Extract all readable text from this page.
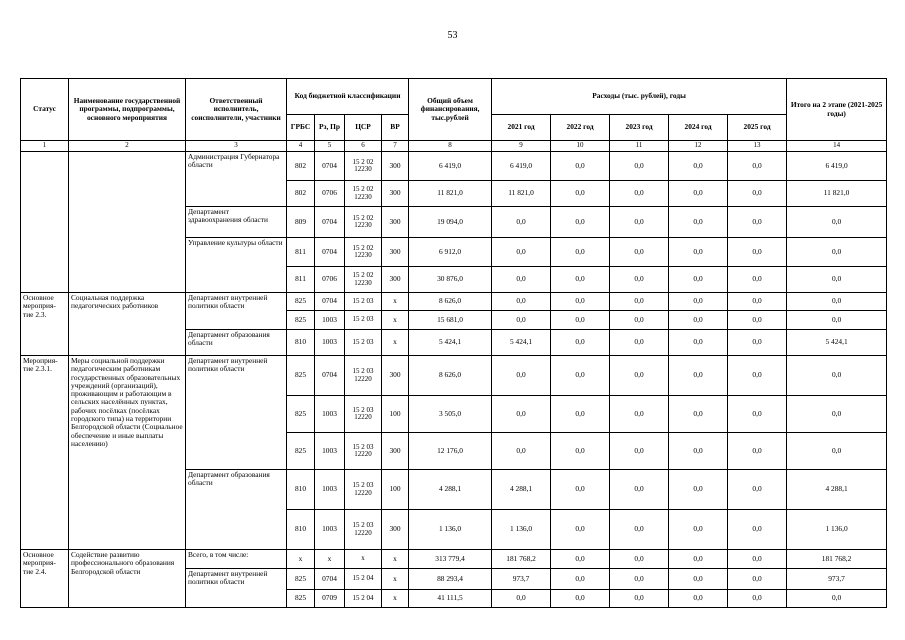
53
Статус	Наименование государственной программы, подпрограммы, основного мероприятия	Ответственный исполнитель, соисполнители, участники	Код бюджетной классификации				Общий объем финансирования, тыс.рублей	Расходы (тыс. рублей), годы					Итого на 2 этапе (2021-2025 годы)
			ГРБС	Рз, Пр	ЦСР	ВР		2021 год	2022 год	2023 год	2024 год	2025 год	
1	2	3	4	5	6	7	8	9	10	11	12	13	14
		Администрация Губернатора области	802	0704	15 2 02 12230	300	6 419,0	6 419,0	0,0	0,0	0,0	0,0	6 419,0
			802	0706	15 2 02 12230	300	11 821,0	11 821,0	0,0	0,0	0,0	0,0	11 821,0
		Департамент здравоохранения области	809	0704	15 2 02 12230	300	19 094,0	0,0	0,0	0,0	0,0	0,0	0,0
		Управление культуры области	811	0704	15 2 02 12230	300	6 912,0	0,0	0,0	0,0	0,0	0,0	0,0
			811	0706	15 2 02 12230	300	30 876,0	0,0	0,0	0,0	0,0	0,0	0,0
Основное мероприя-тие 2.3.	Социальная поддержка педагогических работников	Департамент внутренней политики области	825	0704	15 2 03	х	8 626,0	0,0	0,0	0,0	0,0	0,0	0,0
			825	1003	15 2 03	х	15 681,0	0,0	0,0	0,0	0,0	0,0	0,0
		Департамент образования области	810	1003	15 2 03	х	5 424,1	5 424,1	0,0	0,0	0,0	0,0	5 424,1
Мероприя-тие 2.3.1.	Меры социальной поддержки педагогическим работникам государственных образовательных учреждений (организаций), проживающим и работающим в сельских населённых пунктах, рабочих посёлках (посёлках городского типа) на территории Белгородской области (Социальное обеспечение и иные выплаты населению)	Департамент внутренней политики области	825	0704	15 2 03 12220	300	8 626,0	0,0	0,0	0,0	0,0	0,0	0,0
			825	1003	15 2 03 12220	100	3 505,0	0,0	0,0	0,0	0,0	0,0	0,0
			825	1003	15 2 03 12220	300	12 176,0	0,0	0,0	0,0	0,0	0,0	0,0
		Департамент образования области	810	1003	15 2 03 12220	100	4 288,1	4 288,1	0,0	0,0	0,0	0,0	4 288,1
			810	1003	15 2 03 12220	300	1 136,0	1 136,0	0,0	0,0	0,0	0,0	1 136,0
Основное мероприя-тие 2.4.	Содействие развитию профессионального образования Белгородской области	Всего, в том числе:	х	х	х	х	313 779,4	181 768,2	0,0	0,0	0,0	0,0	181 768,2
		Департамент внутренней политики области	825	0704	15 2 04	х	88 293,4	973,7	0,0	0,0	0,0	0,0	973,7
			825	0709	15 2 04	х	41 111,5	0,0	0,0	0,0	0,0	0,0	0,0
